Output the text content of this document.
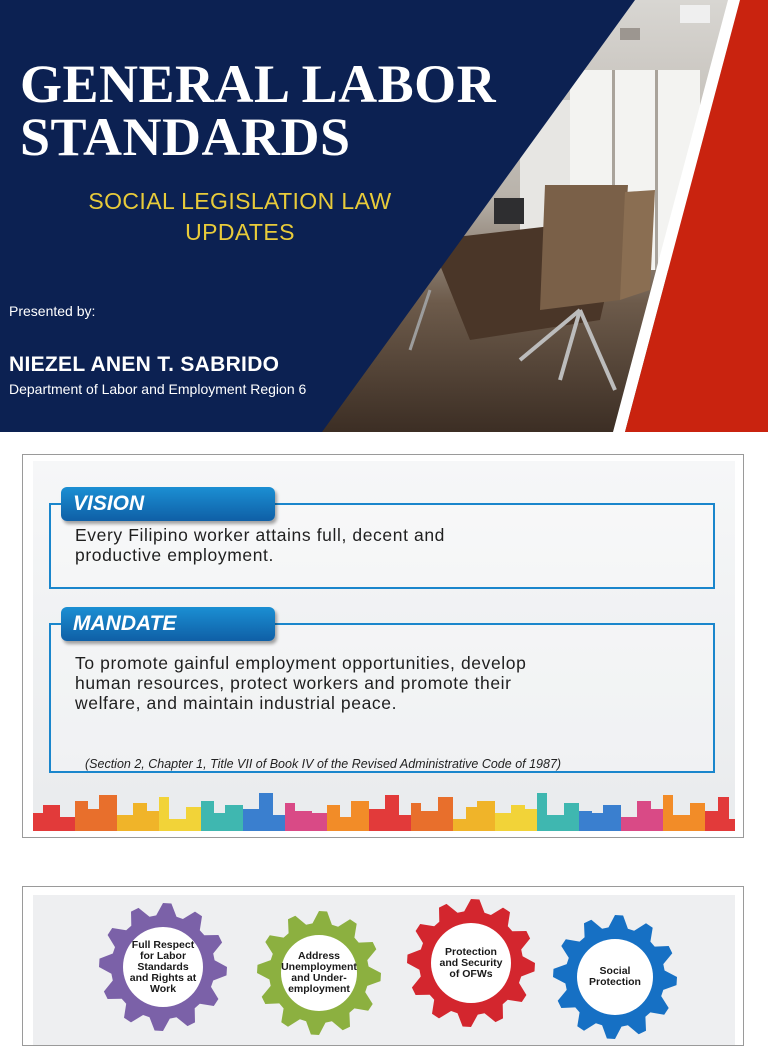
GENERAL LABOR
STANDARDS
SOCIAL LEGISLATION LAW
UPDATES
Presented by:
NIEZEL ANEN T. SABRIDO
Department of Labor and Employment Region 6
VISION
Every Filipino worker attains full, decent and
productive employment.
MANDATE
To promote gainful employment opportunities, develop
human resources, protect workers and promote their
welfare, and maintain industrial peace.
(Section 2, Chapter 1, Title VII of Book IV of the Revised Administrative Code of 1987)
Full Respect
for Labor
Standards
and Rights at
Work
Address
Unemployment
and Under-
employment
Protection
and Security
of OFWs	Social
Protection
